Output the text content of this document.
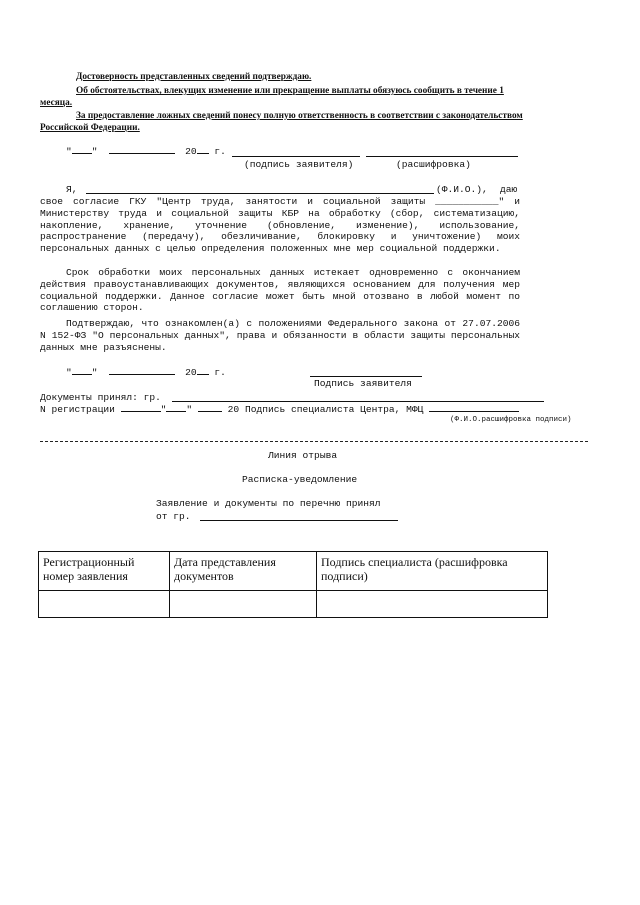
Достоверность представленных сведений подтверждаю.
Об обстоятельствах, влекущих изменение или прекращение выплаты обязуюсь сообщить в течение 1
месяца.
За предоставление ложных сведений понесу полную ответственность в соответствии с законодательством
Российской Федерации.
" "	20 г.
(подпись заявителя)	(расшифровка)
Я,	(Ф.И.О.), даю
свое согласие ГКУ "Центр труда, занятости и социальной защиты ___________" и Министерству труда и социальной защиты КБР на обработку (сбор, систематизацию, накопление, хранение, уточнение (обновление, изменение), использование, распространение (передачу), обезличивание, блокировку и уничтожение) моих персональных данных с целью определения положенных мне мер социальной поддержки.
Срок обработки моих персональных данных истекает одновременно с окончанием действия правоустанавливающих документов, являющихся основанием для получения мер социальной поддержки. Данное согласие может быть мной отозвано в любой момент по соглашению сторон.
Подтверждаю, что ознакомлен(а) с положениями Федерального закона от 27.07.2006 N 152-ФЗ "О персональных данных", права и обязанности в области защиты персональных данных мне разъяснены.
" "	20 г.
Подпись заявителя
Документы принял: гр.
N регистрации	" "	20 Подпись специалиста Центра, МФЦ
(Ф.И.О.расшифровка подписи)
Линия отрыва
Расписка-уведомление
Заявление и документы по перечню принял
от гр.
Регистрационный номер заявления	Дата представления документов	Подпись специалиста (расшифровка подписи)
